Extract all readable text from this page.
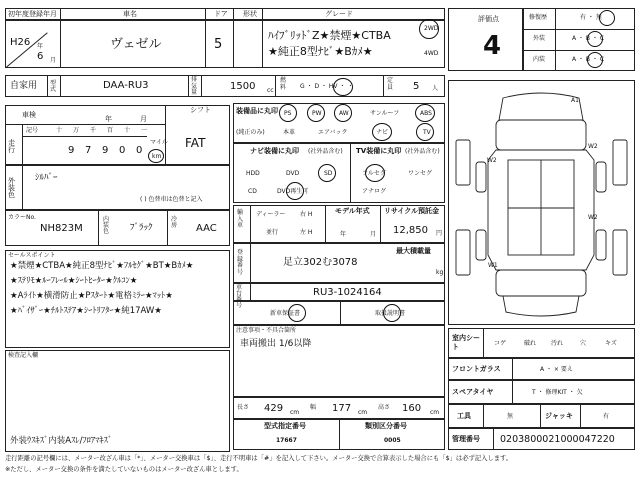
初年度登録年月	車名	ドア 形状	グレード
H26 年
6 月
ヴェゼル	5
ﾊｲﾌﾞﾘｯﾄﾞZ★禁煙★CTBA
★純正8型ﾅﾋﾞ★Bｶﾒ★
2WD
4WD
自家用 型式	DAA-RU3
排気量
1500 cc
燃料	G ・ D ・ HV ・ ・
定員 5 人
車検	年	月
シフト
FAT
走行
記号	十 万 千 百 十 一
9 7 9 0 0
マイル
km
外装色
ｼﾙﾊﾞｰ
( ) 色替車は色替と記入
カラーNo.
NH823M
内装色 ﾌﾞﾗｯｸ
冷房 AAC
セールスポイント
★禁煙★CTBA★純正8型ﾅﾋﾞ★ﾌﾙｾｸﾞ★BT★Bｶﾒ★
★ｽﾃﾘﾓ★ﾙｰﾌﾚｰﾙ★ｼｰﾄﾋｰﾀｰ★ｸﾙｺﾝ★
★Aﾗｲﾄ★横滑防止★Pｽﾀｰﾄ★電格ﾐﾗｰ★ﾏｯﾄ★
★ﾊﾞｲｻﾞｰ★ﾁﾙﾄｽﾃｱ★ｼｰﾄﾘﾌﾀｰ★純17AW★
検査記入欄
外装ｳｽｷｽﾞ内装Aｽﾚ/ﾌﾛｱﾏｷｽﾞ
装備品に丸印
(純正のみ)
PS	PW	AW	サンルーフ	ABS
本革	エアバック	ナビ	TV
ナビ装備に丸印 (社外品含む)
HDD	DVD	SD
CD	DVD再生可
TV装備に丸印 (社外品含む)
フルセグ	ワンセグ
アナログ
輸入車
ディーラー
並行
右 H
左 H
モデル年式
年	月
リサイクル預託金
12,850 円
登録番号
最大積載量
足立302む3078
kg
車台番号
RU3-1024164
新車保証書	取扱説明書
注意事項・不具合箇所
車両搬出 1/6以降
長さ 429 cm
幅 177 cm
高さ 160 cm
型式指定番号
17667
類別区分番号
0005
評価点
4
修復歴	有 ・ 無
外装	A ・ B ・ C
内装	A ・ B ・ C
A1
W2
W2
W2
W1
室内シート	コゲ	破れ 汚れ	穴	キズ
フロントガラス	A ・ × 要え
スペアタイヤ	T ・ 修理KIT ・ 欠
工具	無	ジャッキ	有
管理番号 0203800021000047220
走行距離の記号欄には、メーター改ざん車は「*」、メーター交換車は「$」、走行不明車は「#」を記入して下さい。メーター交換で合算表示した場合にも「$」は必ず記入します。
※ただし、メーター交換の条件を満たしていないものはメーター改ざん車とします。
